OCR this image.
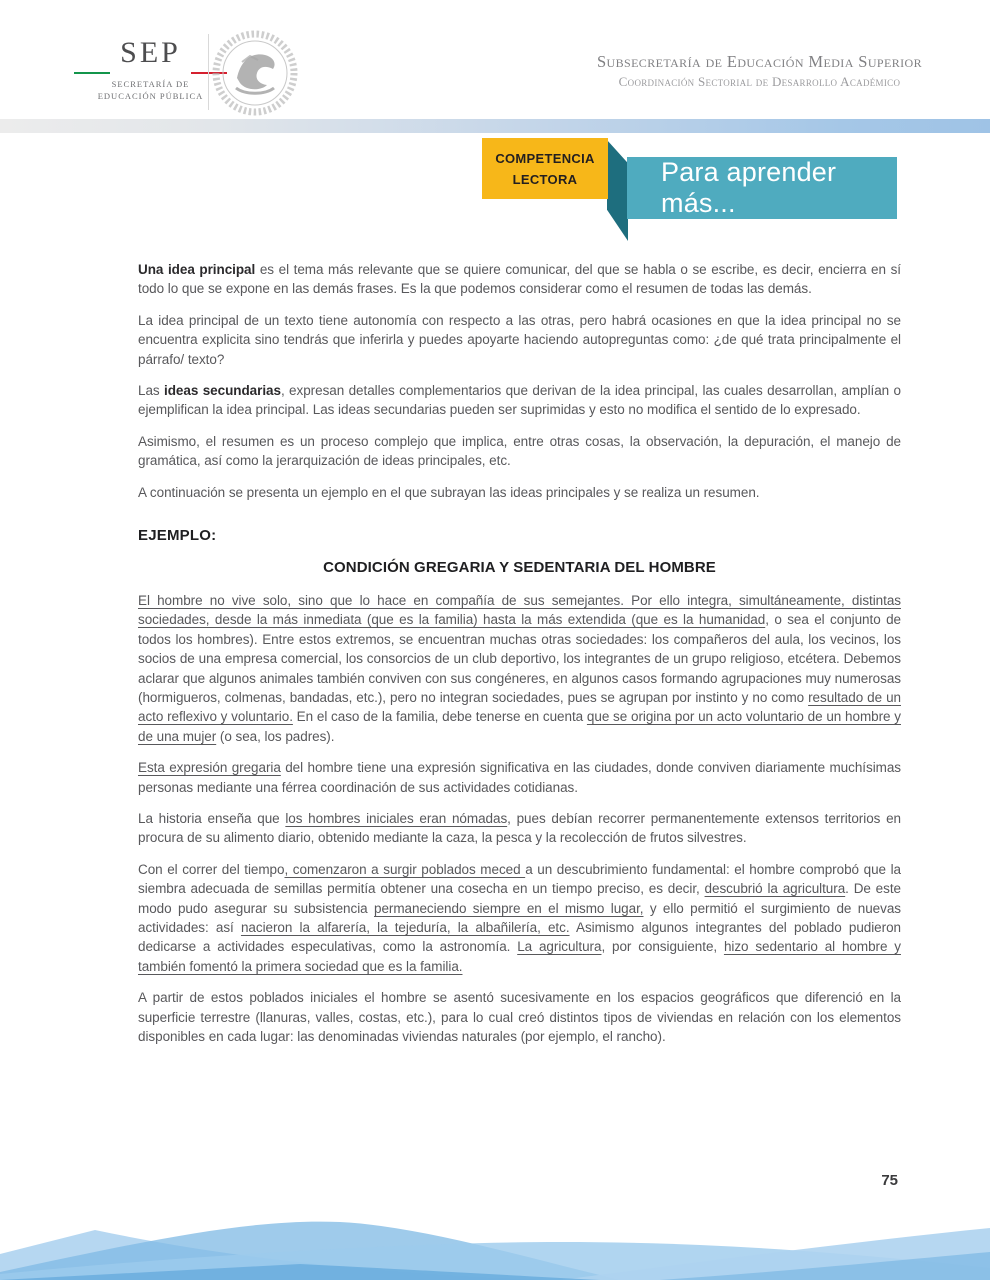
SEP
SECRETARÍA DE
EDUCACIÓN PÚBLICA
Subsecretaría de Educación Media Superior
Coordinación Sectorial de Desarrollo Académico
COMPETENCIA
LECTORA	Para aprender más...

Una idea principal es el tema más relevante que se quiere comunicar, del que se habla o se escribe, es decir, encierra en sí todo lo que se expone en las demás frases. Es la que podemos considerar como el resumen de todas las demás.

La idea principal de un texto tiene autonomía con respecto a las otras, pero habrá ocasiones en que la idea principal no se encuentra explicita sino tendrás que inferirla y puedes apoyarte haciendo autopreguntas como: ¿de qué trata principalmente el párrafo/ texto?

Las ideas secundarias, expresan detalles complementarios que derivan de la idea principal, las cuales desarrollan, amplían o ejemplifican la idea principal. Las ideas secundarias pueden ser suprimidas y esto no modifica el sentido de lo expresado.

Asimismo, el resumen es un proceso complejo que implica, entre otras cosas, la observación, la depuración, el manejo de gramática, así como la jerarquización de ideas principales, etc.

A continuación se presenta un ejemplo en el que subrayan las ideas principales y se realiza un resumen.

EJEMPLO:
CONDICIÓN GREGARIA Y SEDENTARIA DEL HOMBRE

El hombre no vive solo, sino que lo hace en compañía de sus semejantes. Por ello integra, simultáneamente, distintas sociedades, desde la más inmediata (que es la familia) hasta la más extendida (que es la humanidad, o sea el conjunto de todos los hombres). Entre estos extremos, se encuentran muchas otras sociedades: los compañeros del aula, los vecinos, los socios de una empresa comercial, los consorcios de un club deportivo, los integrantes de un grupo religioso, etcétera. Debemos aclarar que algunos animales también conviven con sus congéneres, en algunos casos formando agrupaciones muy numerosas (hormigueros, colmenas, bandadas, etc.), pero no integran sociedades, pues se agrupan por instinto y no como resultado de un acto reflexivo y voluntario. En el caso de la familia, debe tenerse en cuenta que se origina por un acto voluntario de un hombre y de una mujer (o sea, los padres).

Esta expresión gregaria del hombre tiene una expresión significativa en las ciudades, donde conviven diariamente muchísimas personas mediante una férrea coordinación de sus actividades cotidianas.

La historia enseña que los hombres iniciales eran nómadas, pues debían recorrer permanentemente extensos territorios en procura de su alimento diario, obtenido mediante la caza, la pesca y la recolección de frutos silvestres.

Con el correr del tiempo, comenzaron a surgir poblados meced a un descubrimiento fundamental: el hombre comprobó que la siembra adecuada de semillas permitía obtener una cosecha en un tiempo preciso, es decir, descubrió la agricultura. De este modo pudo asegurar su subsistencia permaneciendo siempre en el mismo lugar, y ello permitió el surgimiento de nuevas actividades: así nacieron la alfarería, la tejeduría, la albañilería, etc. Asimismo algunos integrantes del poblado pudieron dedicarse a actividades especulativas, como la astronomía. La agricultura, por consiguiente, hizo sedentario al hombre y también fomentó la primera sociedad que es la familia.

A partir de estos poblados iniciales el hombre se asentó sucesivamente en los espacios geográficos que diferenció en la superficie terrestre (llanuras, valles, costas, etc.), para lo cual creó distintos tipos de viviendas en relación con los elementos disponibles en cada lugar: las denominadas viviendas naturales (por ejemplo, el rancho).

75
